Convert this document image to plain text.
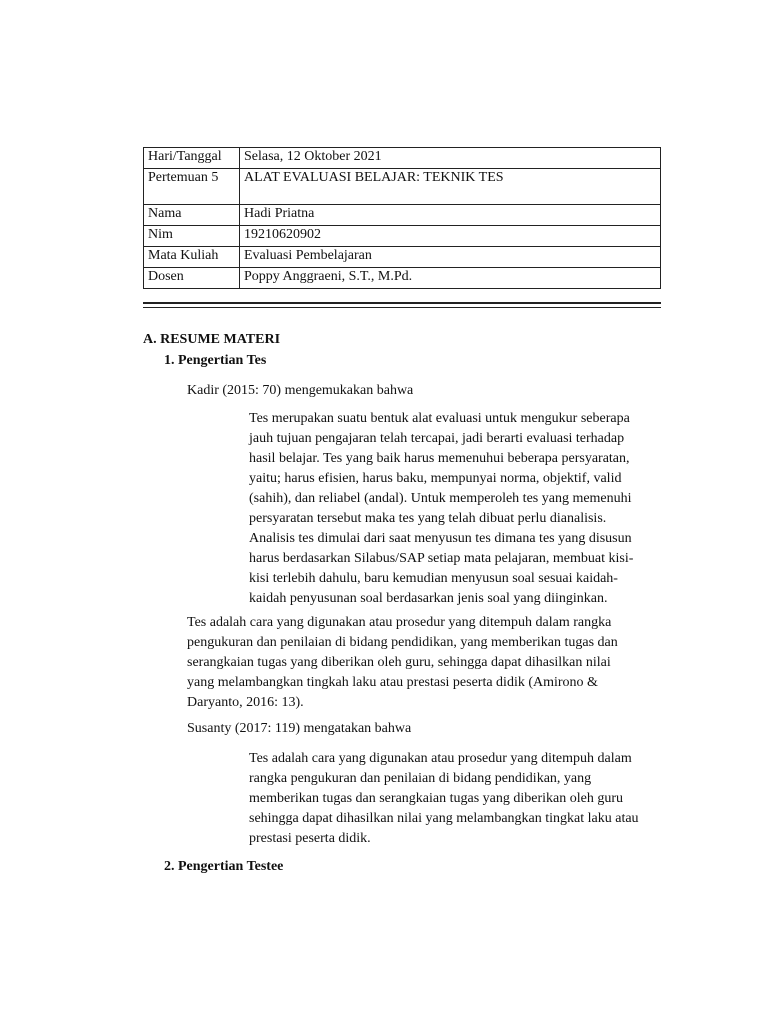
Hari/Tanggal	Selasa, 12 Oktober 2021
Pertemuan 5	ALAT EVALUASI BELAJAR: TEKNIK TES
Nama	Hadi Priatna
Nim	19210620902
Mata Kuliah	Evaluasi Pembelajaran
Dosen	Poppy Anggraeni, S.T., M.Pd.
A. RESUME MATERI
1. Pengertian Tes
Kadir (2015: 70) mengemukakan bahwa
Tes merupakan suatu bentuk alat evaluasi untuk mengukur seberapa
jauh tujuan pengajaran telah tercapai, jadi berarti evaluasi terhadap
hasil belajar. Tes yang baik harus memenuhui beberapa persyaratan,
yaitu; harus efisien, harus baku, mempunyai norma, objektif, valid
(sahih), dan reliabel (andal). Untuk memperoleh tes yang memenuhi
persyaratan tersebut maka tes yang telah dibuat perlu dianalisis.
Analisis tes dimulai dari saat menyusun tes dimana tes yang disusun
harus berdasarkan Silabus/SAP setiap mata pelajaran, membuat kisi-
kisi terlebih dahulu, baru kemudian menyusun soal sesuai kaidah-
kaidah penyusunan soal berdasarkan jenis soal yang diinginkan.
Tes adalah cara yang digunakan atau prosedur yang ditempuh dalam rangka
pengukuran dan penilaian di bidang pendidikan, yang memberikan tugas dan
serangkaian tugas yang diberikan oleh guru, sehingga dapat dihasilkan nilai
yang melambangkan tingkah laku atau prestasi peserta didik (Amirono &
Daryanto, 2016: 13).
Susanty (2017: 119) mengatakan bahwa
Tes adalah cara yang digunakan atau prosedur yang ditempuh dalam
rangka pengukuran dan penilaian di bidang pendidikan, yang
memberikan tugas dan serangkaian tugas yang diberikan oleh guru
sehingga dapat dihasilkan nilai yang melambangkan tingkat laku atau
prestasi peserta didik.
2. Pengertian Testee
